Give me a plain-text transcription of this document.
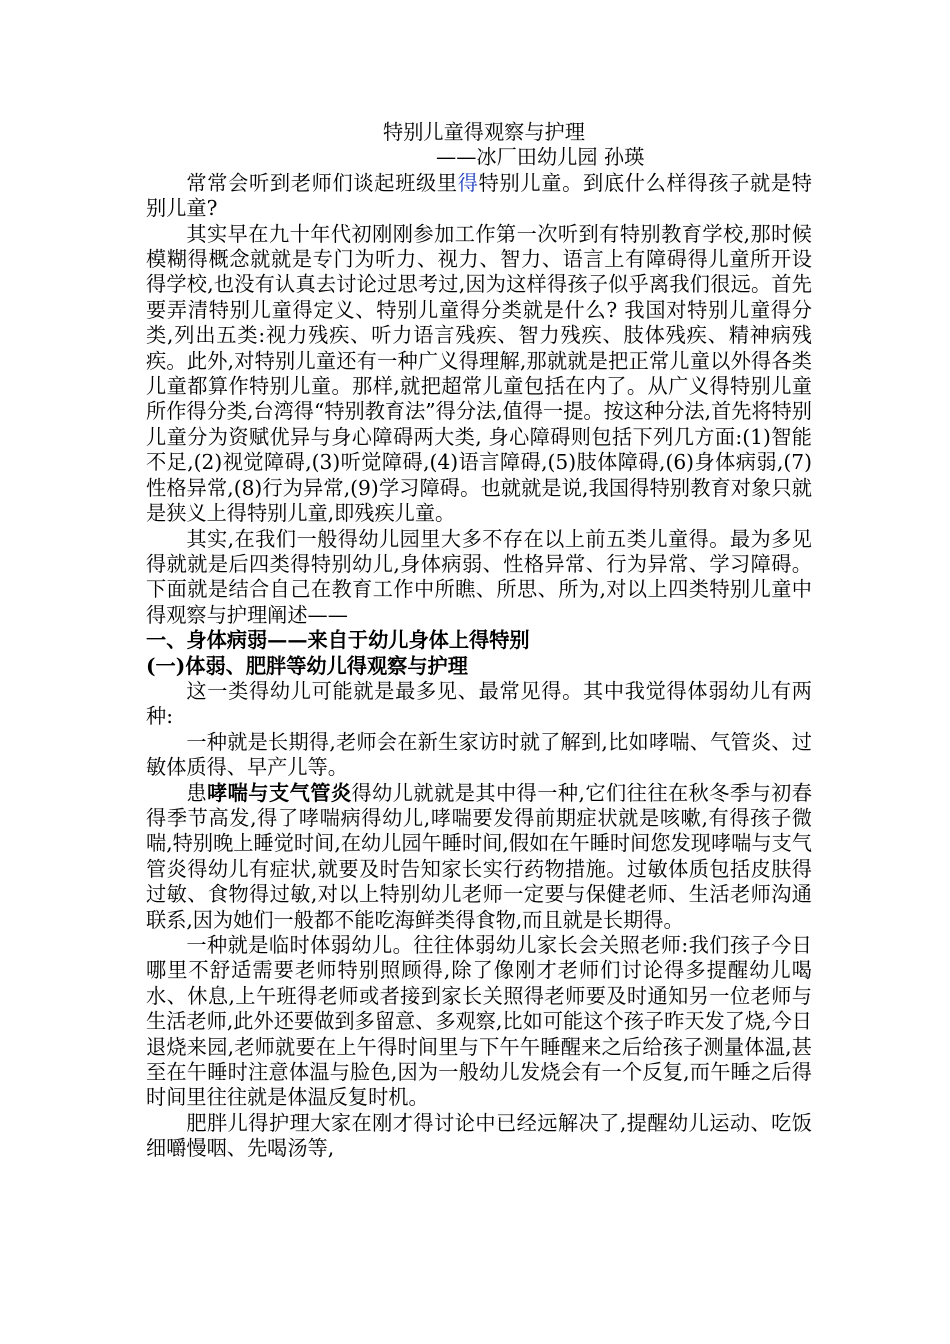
特别儿童得观察与护理
——冰厂田幼儿园 孙瑛

常常会听到老师们谈起班级里得特别儿童。到底什么样得孩子就是特别儿童?

其实早在九十年代初刚刚参加工作第一次听到有特别教育学校,那时候模糊得概念就就是专门为听力、视力、智力、语言上有障碍得儿童所开设得学校,也没有认真去讨论过思考过,因为这样得孩子似乎离我们很远。首先要弄清特别儿童得定义、特别儿童得分类就是什么? 我国对特别儿童得分类,列出五类:视力残疾、听力语言残疾、智力残疾、肢体残疾、精神病残疾。此外,对特别儿童还有一种广义得理解,那就就是把正常儿童以外得各类儿童都算作特别儿童。那样,就把超常儿童包括在内了。从广义得特别儿童所作得分类,台湾得“特别教育法”得分法,值得一提。按这种分法,首先将特别儿童分为资赋优异与身心障碍两大类, 身心障碍则包括下列几方面:(1)智能不足,(2)视觉障碍,(3)听觉障碍,(4)语言障碍,(5)肢体障碍,(6)身体病弱,(7)性格异常,(8)行为异常,(9)学习障碍。也就就是说,我国得特别教育对象只就是狭义上得特别儿童,即残疾儿童。

其实,在我们一般得幼儿园里大多不存在以上前五类儿童得。最为多见得就就是后四类得特别幼儿,身体病弱、性格异常、行为异常、学习障碍。下面就是结合自己在教育工作中所瞧、所思、所为,对以上四类特别儿童中得观察与护理阐述——

一、身体病弱——来自于幼儿身体上得特别
(一)体弱、肥胖等幼儿得观察与护理

这一类得幼儿可能就是最多见、最常见得。其中我觉得体弱幼儿有两种:

一种就是长期得,老师会在新生家访时就了解到,比如哮喘、气管炎、过敏体质得、早产儿等。

患哮喘与支气管炎得幼儿就就是其中得一种,它们往往在秋冬季与初春得季节高发,得了哮喘病得幼儿,哮喘要发得前期症状就是咳嗽,有得孩子微喘,特别晚上睡觉时间,在幼儿园午睡时间,假如在午睡时间您发现哮喘与支气管炎得幼儿有症状,就要及时告知家长实行药物措施。过敏体质包括皮肤得过敏、食物得过敏,对以上特别幼儿老师一定要与保健老师、生活老师沟通联系,因为她们一般都不能吃海鲜类得食物,而且就是长期得。

一种就是临时体弱幼儿。往往体弱幼儿家长会关照老师:我们孩子今日哪里不舒适需要老师特别照顾得,除了像刚才老师们讨论得多提醒幼儿喝水、休息,上午班得老师或者接到家长关照得老师要及时通知另一位老师与生活老师,此外还要做到多留意、多观察,比如可能这个孩子昨天发了烧,今日退烧来园,老师就要在上午得时间里与下午午睡醒来之后给孩子测量体温,甚至在午睡时注意体温与脸色,因为一般幼儿发烧会有一个反复,而午睡之后得时间里往往就是体温反复时机。

肥胖儿得护理大家在刚才得讨论中已经远解决了,提醒幼儿运动、吃饭细嚼慢咽、先喝汤等,
